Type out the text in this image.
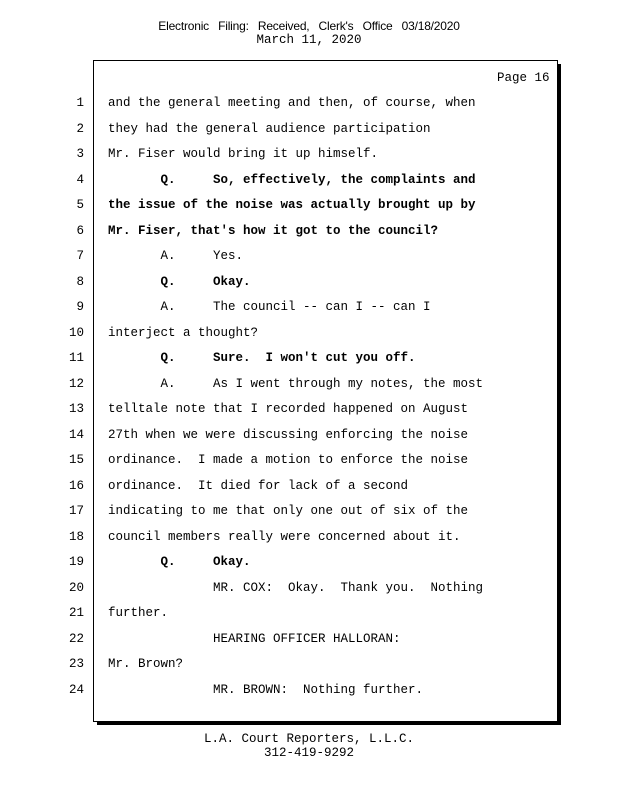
Electronic Filing: Received, Clerk's Office 03/18/2020
March 11, 2020
Page 16
1 and the general meeting and then, of course, when
2 they had the general audience participation
3 Mr. Fiser would bring it up himself.
4 Q.     So, effectively, the complaints and
5 the issue of the noise was actually brought up by
6 Mr. Fiser, that's how it got to the council?
7 A.     Yes.
8 Q.     Okay.
9 A.     The council -- can I -- can I
10 interject a thought?
11 Q.     Sure.  I won't cut you off.
12 A.     As I went through my notes, the most
13 telltale note that I recorded happened on August
14 27th when we were discussing enforcing the noise
15 ordinance.  I made a motion to enforce the noise
16 ordinance.  It died for lack of a second
17 indicating to me that only one out of six of the
18 council members really were concerned about it.
19 Q.     Okay.
20 MR. COX:  Okay.  Thank you.  Nothing
21 further.
22 HEARING OFFICER HALLORAN:
23 Mr. Brown?
24 MR. BROWN:  Nothing further.
L.A. Court Reporters, L.L.C.
312-419-9292
